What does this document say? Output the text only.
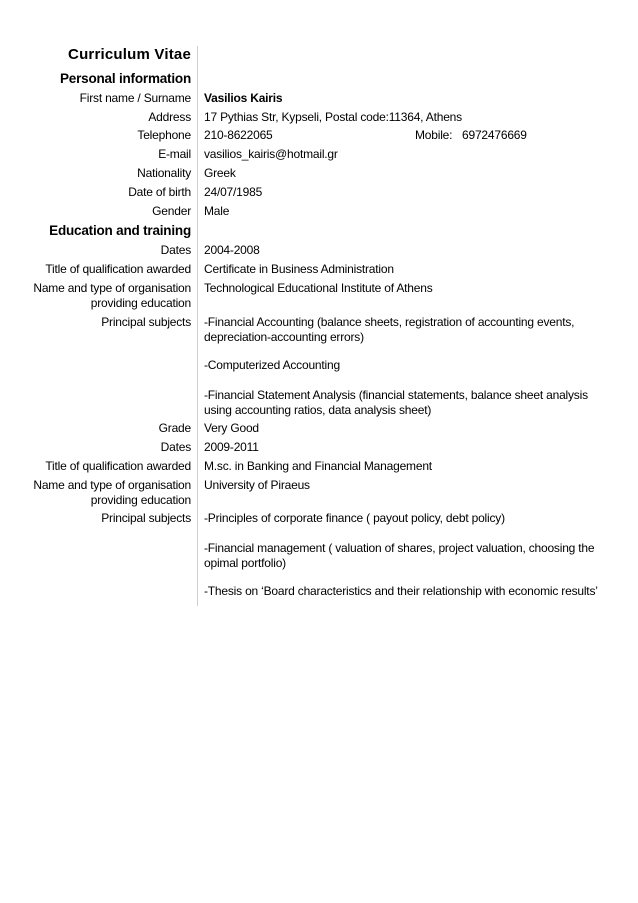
Curriculum Vitae
Personal information
First name / Surname Vasilios Kairis
Address 17 Pythias Str, Kypseli, Postal code:11364, Athens
Telephone 210-8622065	Mobile: 6972476669
E-mail vasilios_kairis@hotmail.gr
Nationality Greek
Date of birth 24/07/1985
Gender Male
Education and training
Dates 2004-2008
Title of qualification awarded Certificate in Business Administration
Name and type of organisation
providing education
Technological Educational Institute of Athens
Principal subjects -Financial Accounting (balance sheets, registration of accounting events, depreciation-accounting errors)
-Computerized Accounting
-Financial Statement Analysis (financial statements, balance sheet analysis using accounting ratios, data analysis sheet)
Grade Very Good
Dates 2009-2011
Title of qualification awarded M.sc. in Banking and Financial Management
Name and type of organisation
providing education
University of Piraeus
Principal subjects -Principles of corporate finance ( payout policy, debt policy)
-Financial management ( valuation of shares, project valuation, choosing the opimal portfolio)
-Thesis on ‘Board characteristics and their relationship with economic results’
